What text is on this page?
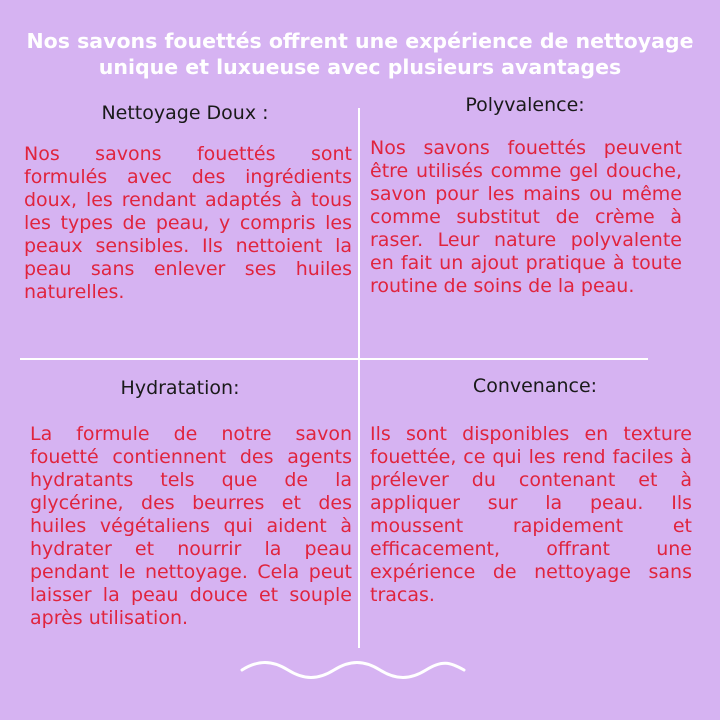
Nos savons fouettés offrent une expérience de nettoyage unique et luxueuse avec plusieurs avantages
Nettoyage Doux :
Nos savons fouettés sont formulés avec des ingrédients doux, les rendant adaptés à tous les types de peau, y compris les peaux sensibles. Ils nettoient la peau sans enlever ses huiles naturelles.
Polyvalence:
Nos savons fouettés peuvent être utilisés comme gel douche, savon pour les mains ou même comme substitut de crème à raser. Leur nature polyvalente en fait un ajout pratique à toute routine de soins de la peau.
Hydratation:
La formule de notre savon fouetté contiennent des agents hydratants tels que de la glycérine, des beurres et des huiles végétaliens qui aident à hydrater et nourrir la peau pendant le nettoyage. Cela peut laisser la peau douce et souple après utilisation.
Convenance:
Ils sont disponibles en texture fouettée, ce qui les rend faciles à prélever du contenant et à appliquer sur la peau. Ils moussent rapidement et efficacement, offrant une expérience de nettoyage sans tracas.
